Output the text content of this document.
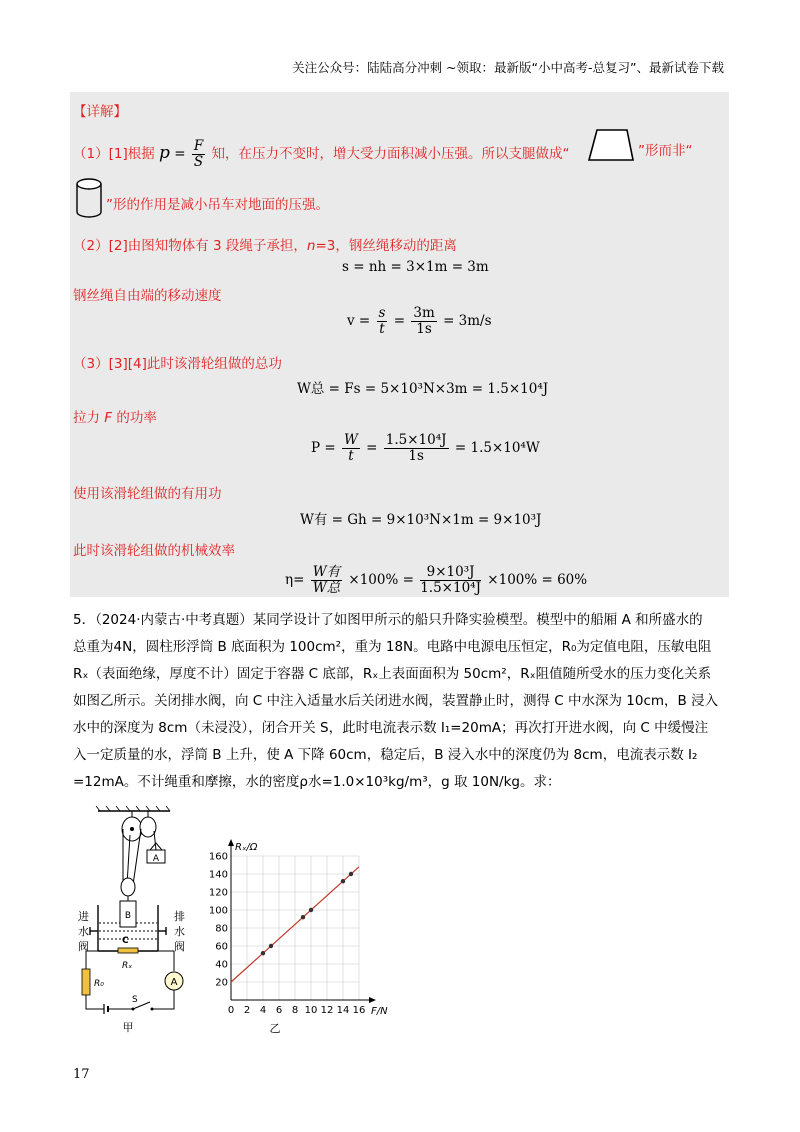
关注公众号：陆陆高分冲刺 ~领取：最新版“小中高考-总复习”、最新试卷下载
【详解】
（1）[1]根据 $p = \frac{F}{S}$ 知，在压力不变时，增大受力面积减小压强。所以支腿做成“	”形而非“
”形的作用是减小吊车对地面的压强。
（2）[2]由图知物体有 3 段绳子承担，n=3，钢丝绳移动的距离
s = nh = 3×1m = 3m
钢丝绳自由端的移动速度
$v = \frac{s}{t} = \frac{3m}{1s} = 3m/s$
（3）[3][4]此时该滑轮组做的总功
W总 = Fs = 5×10³N×3m = 1.5×10⁴J
拉力 F 的功率
$P = \frac{W}{t} = \frac{\text{1.5×10⁴J}}{1s} = 1.5\times 10^4W$
使用该滑轮组做的有用功
W有 = Gh = 9×10³N×1m = 9×10³J
此时该滑轮组做的机械效率
$\eta= \frac{\text{W有}}{\text{W总}} \times 100\% = \frac{\text{9×10³J}}{\text{1.5×10⁴J}} \times 100\% = 60\%$
5．（2024·内蒙古·中考真题）某同学设计了如图甲所示的船只升降实验模型。模型中的船厢 A 和所盛水的
总重为4N，圆柱形浮筒 B 底面积为 100cm²，重为 18N。电路中电源电压恒定，R₀为定值电阻，压敏电阻
Rₓ（表面绝缘，厚度不计）固定于容器 C 底部，Rₓ上表面面积为 50cm²，Rₓ阻值随所受水的压力变化关系
如图乙所示。关闭排水阀，向 C 中注入适量水后关闭进水阀，装置静止时，测得 C 中水深为 10cm，B 浸入
水中的深度为 8cm（未浸没），闭合开关 S，此时电流表示数 I₁=20mA；再次打开进水阀，向 C 中缓慢注
入一定质量的水，浮筒 B 上升，使 A 下降 60cm，稳定后，B 浸入水中的深度仍为 8cm，电流表示数 I₂
=12mA。不计绳重和摩擦，水的密度ρ水=1.0×10³kg/m³，g 取 10N/kg。求：
A
B
C
进
水
阀
排
水
阀
Rₓ
R₀	A
S
甲
0 2 4 6 8 10 12 14 16
20
40
60
80
100
120
140
160
Rₓ/Ω
F/N
乙
17
